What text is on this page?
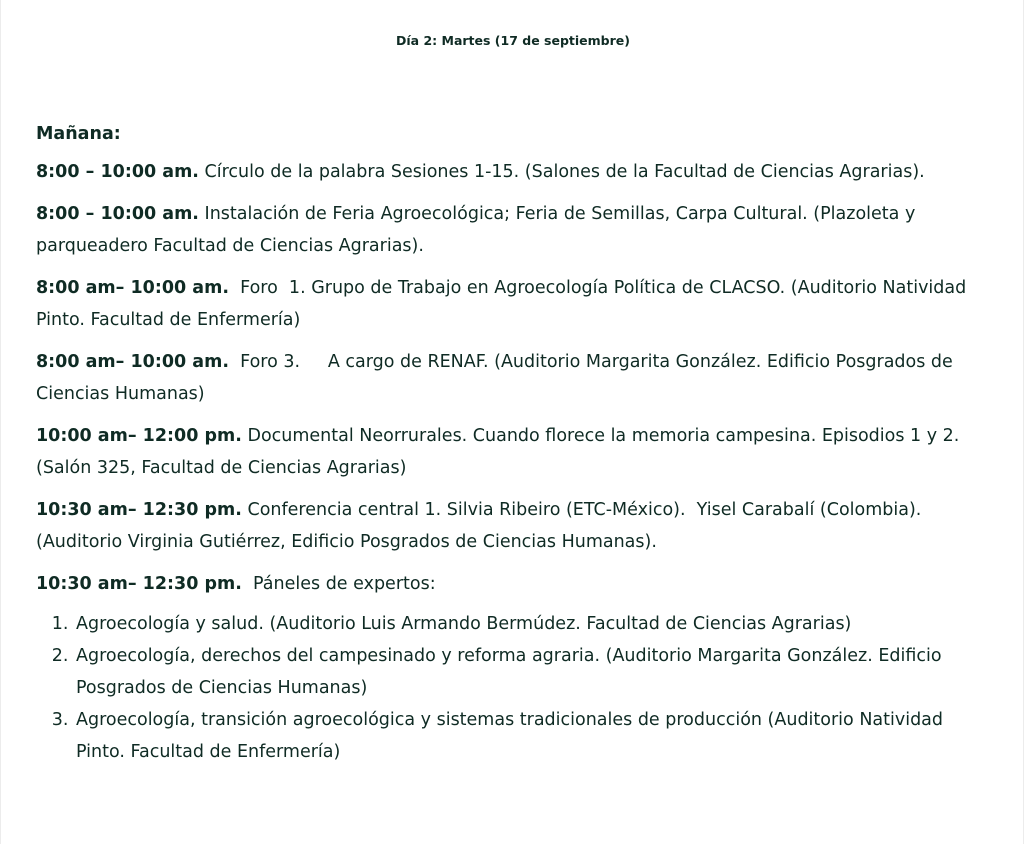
Día 2: Martes (17 de septiembre)

Mañana:

8:00 – 10:00 am. Círculo de la palabra Sesiones 1-15. (Salones de la Facultad de Ciencias Agrarias).

8:00 – 10:00 am. Instalación de Feria Agroecológica; Feria de Semillas, Carpa Cultural. (Plazoleta y parqueadero Facultad de Ciencias Agrarias).

8:00 am– 10:00 am. Foro  1. Grupo de Trabajo en Agroecología Política de CLACSO. (Auditorio Natividad Pinto. Facultad de Enfermería)

8:00 am– 10:00 am. Foro 3.     A cargo de RENAF. (Auditorio Margarita González. Edificio Posgrados de Ciencias Humanas)

10:00 am– 12:00 pm. Documental Neorrurales. Cuando florece la memoria campesina. Episodios 1 y 2. (Salón 325, Facultad de Ciencias Agrarias)

10:30 am– 12:30 pm. Conferencia central 1. Silvia Ribeiro (ETC-México).  Yisel Carabalí (Colombia). (Auditorio Virginia Gutiérrez, Edificio Posgrados de Ciencias Humanas).

10:30 am– 12:30 pm. Páneles de expertos:

1. Agroecología y salud. (Auditorio Luis Armando Bermúdez. Facultad de Ciencias Agrarias)
2. Agroecología, derechos del campesinado y reforma agraria. (Auditorio Margarita González. Edificio Posgrados de Ciencias Humanas)
3. Agroecología, transición agroecológica y sistemas tradicionales de producción (Auditorio Natividad Pinto. Facultad de Enfermería)
